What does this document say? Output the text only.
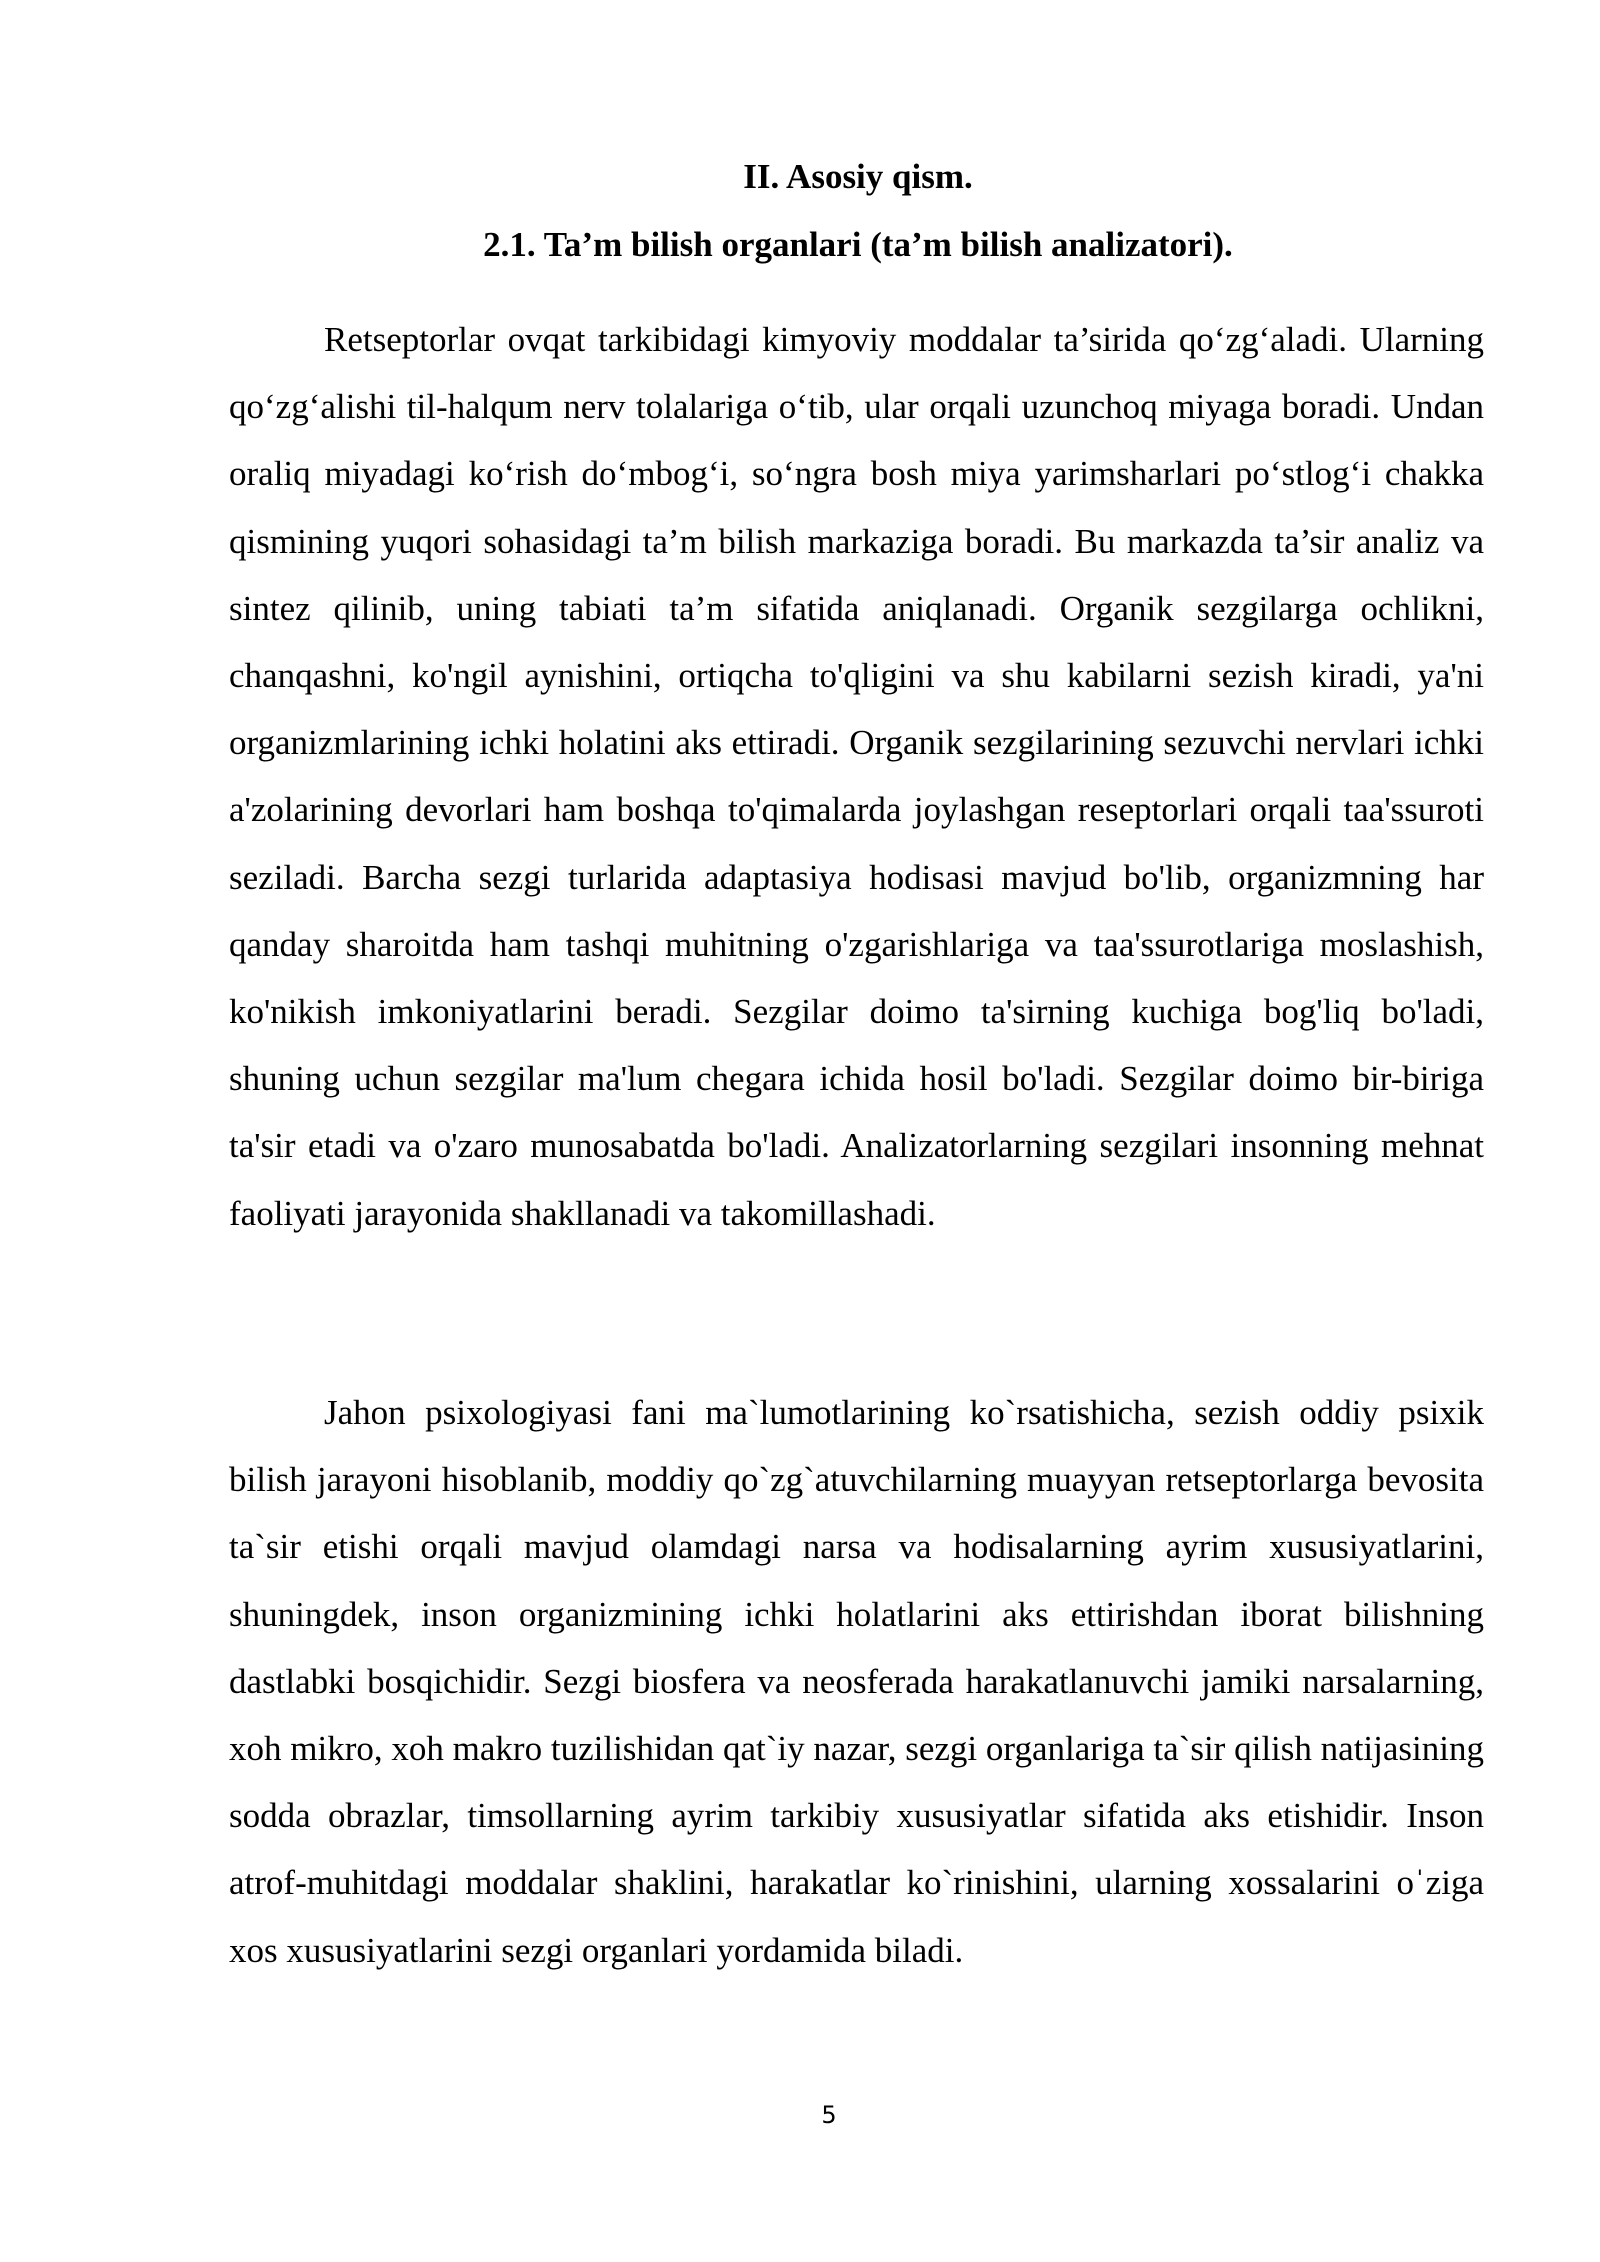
II. Asosiy qism.
2.1. Ta’m bilish organlari (ta’m bilish analizatori).

Retseptorlar ovqat tarkibidagi kimyoviy moddalar ta’sirida qo‘zg‘aladi. Ularning qo‘zg‘alishi til-halqum nerv tolalariga o‘tib, ular orqali uzunchoq miyaga boradi. Undan oraliq miyadagi ko‘rish do‘mbog‘i, so‘ngra bosh miya yarimsharlari po‘stlog‘i chakka qismining yuqori sohasidagi ta’m bilish markaziga boradi. Bu markazda ta’sir analiz va sintez qilinib, uning tabiati ta’m sifatida aniqlanadi. Organik sezgilarga ochlikni, chanqashni, ko'ngil aynishini, ortiqcha to'qligini va shu kabilarni sezish kiradi, ya'ni organizmlarining ichki holatini aks ettiradi. Organik sezgilarining sezuvchi nervlari ichki a'zolarining devorlari ham boshqa to'qimalarda joylashgan reseptorlari orqali taa'ssuroti seziladi. Barcha sezgi turlarida adaptasiya hodisasi mavjud bo'lib, organizmning har qanday sharoitda ham tashqi muhitning o'zgarishlariga va taa'ssurotlariga moslashish, ko'nikish imkoniyatlarini beradi. Sezgilar doimo ta'sirning kuchiga bog'liq bo'ladi, shuning uchun sezgilar ma'lum chegara ichida hosil bo'ladi. Sezgilar doimo bir-biriga ta'sir etadi va o'zaro munosabatda bo'ladi. Analizatorlarning sezgilari insonning mehnat faoliyati jarayonida shakllanadi va takomillashadi.

Jahon psixologiyasi fani ma`lumotlarining ko`rsatishicha, sezish oddiy psixik bilish jarayoni hisoblanib, moddiy qo`zg`atuvchilarning muayyan retseptorlarga bevosita ta`sir etishi orqali mavjud olamdagi narsa va hodisalarning ayrim xususiyatlarini, shuningdek, inson organizmining ichki holatlarini aks ettirishdan iborat bilishning dastlabki bosqichidir. Sezgi biosfera va neosferada harakatlanuvchi jamiki narsalarning, xoh mikro, xoh makro tuzilishidan qat`iy nazar, sezgi organlariga ta`sir qilish natijasining sodda obrazlar, timsollarning ayrim tarkibiy xususiyatlar sifatida aks etishidir. Inson atrof-muhitdagi moddalar shaklini, harakatlar ko`rinishini, ularning xossalarini oˈziga xos xususiyatlarini sezgi organlari yordamida biladi.

5
